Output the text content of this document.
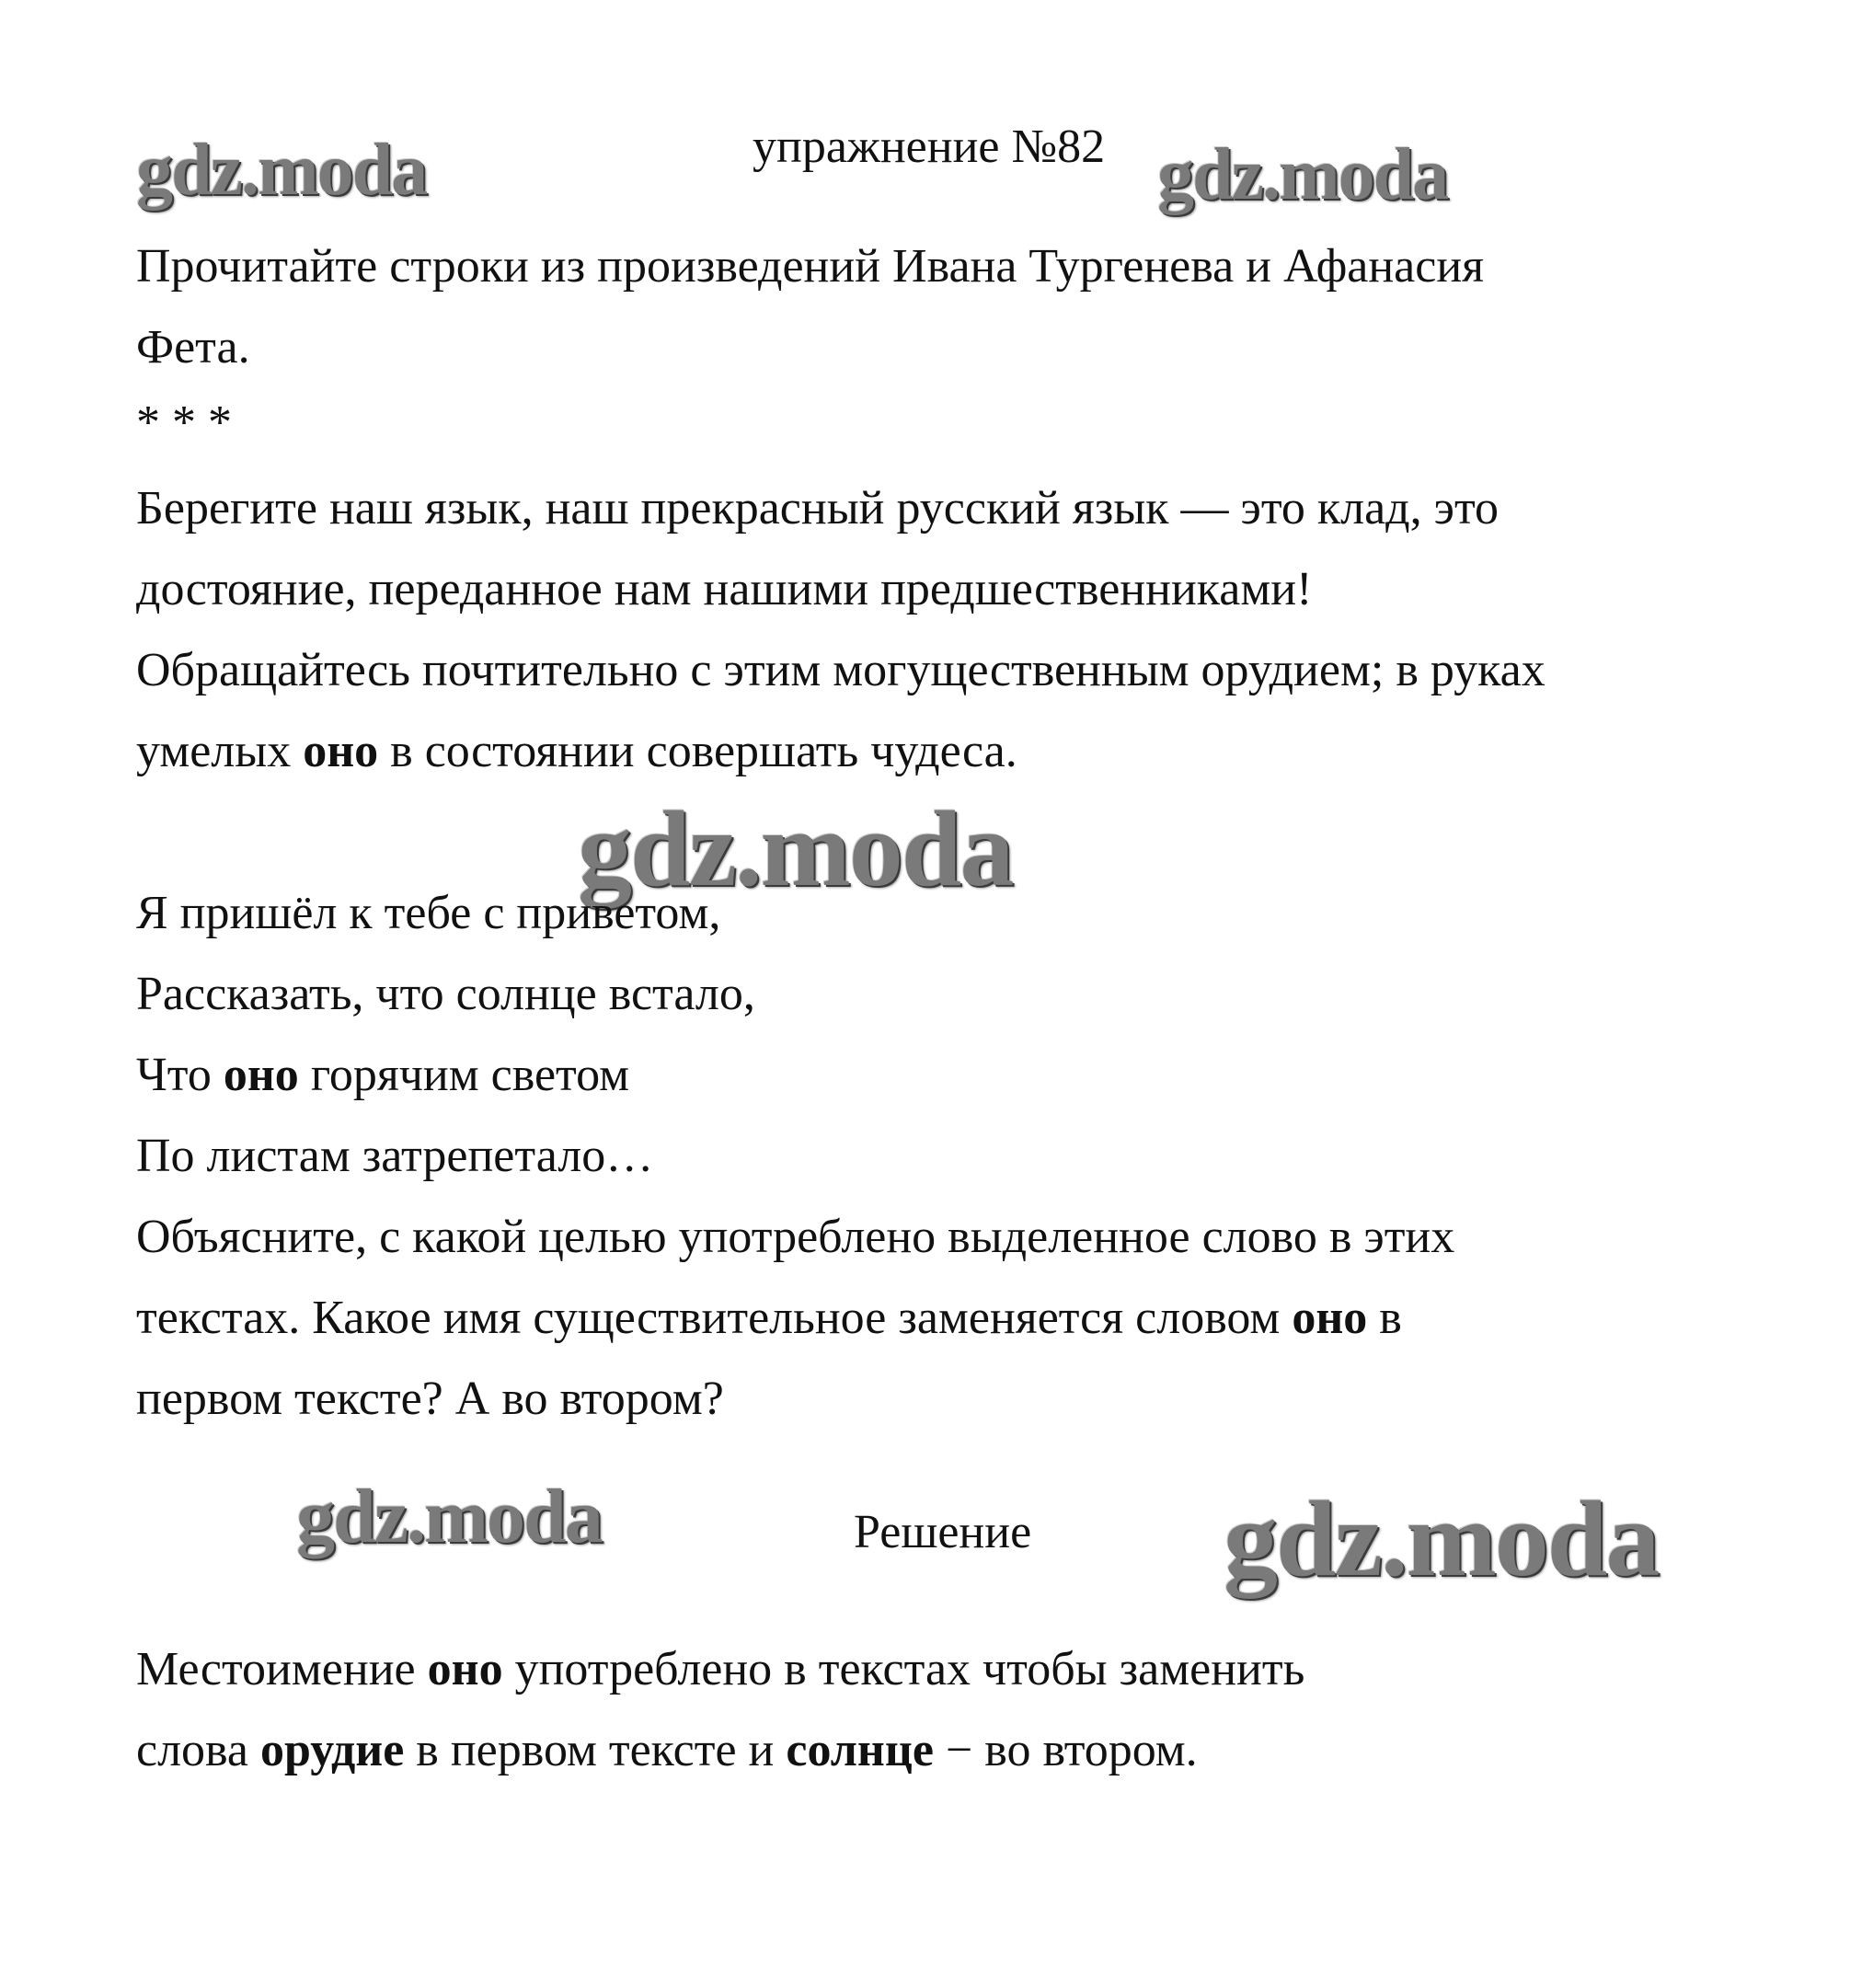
gdz.moda	gdz.moda
gdz.moda
gdz.moda	gdz.moda
упражнение №82
Прочитайте строки из произведений Ивана Тургенева и Афанасия
Фета.
* * *
Берегите наш язык, наш прекрасный русский язык — это клад, это
достояние, переданное нам нашими предшественниками!
Обращайтесь почтительно с этим могущественным орудием; в руках
умелых оно в состоянии совершать чудеса.
Я пришёл к тебе с приветом,
Рассказать, что солнце встало,
Что оно горячим светом
По листам затрепетало…
Объясните, с какой целью употреблено выделенное слово в этих
текстах. Какое имя существительное заменяется словом оно в
первом тексте? А во втором?
Решение
Местоимение оно употреблено в текстах чтобы заменить
слова орудие в первом тексте и солнце − во втором.
